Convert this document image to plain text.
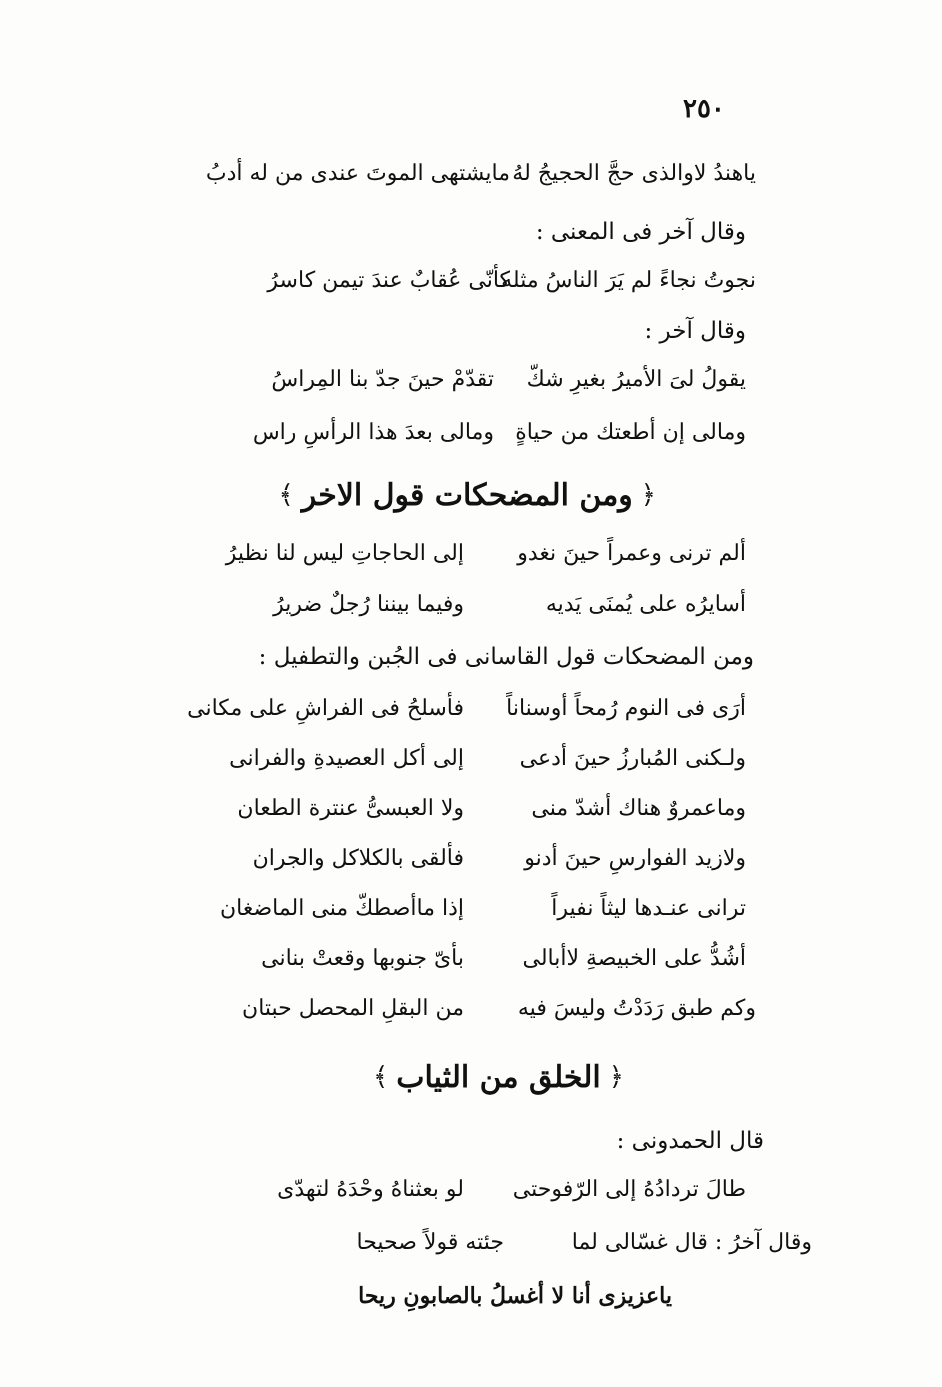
٢٥٠
ياهندُ لاوالذى حجَّ الحجيجُ لهُ
مايشتهى الموتَ عندى من له أدبُ
وقال آخر فى المعنى :
نجوتُ نجاءً لم يَرَ الناسُ مثله
كأنّى عُقابٌ عندَ تيمن كاسرُ
وقال آخر :
يقولُ لىَ الأميرُ بغيرِ شكّ
تقدّمْ حينَ جدّ بنا المِراسُ
ومالى إن أطعتك من حياةٍ
ومالى بعدَ هذا الرأسِ راس
﴿
ومن المضحكات قول الاخر
﴾
ألم ترنى وعمراً حينَ نغدو
إلى الحاجاتِ ليس لنا نظيرُ
أسايرُه على يُمنَى يَديه
وفيما بيننا رُجلٌ ضريرُ
ومن المضحكات قول القاسانى فى الجُبن والتطفيل :
أرَى فى النوم رُمحاً أوسناناً
فأسلحُ فى الفراشِ على مكانى
ولـكنى المُبارزُ حينَ أدعى
إلى أكل العصيدةِ والفرانى
وماعمروٌ هناك أشدّ منى
ولا العبسىُّ عنترة الطعان
ولازيد الفوارسِ حينَ أدنو
فألقى بالكلاكل والجران
ترانى عنـدها ليثاً نفيراً
إذا ماأصطكّ منى الماضغان
أشُدُّ على الخبيصةِ لاأبالى
بأىّ جنوبها وقعتْ بنانى
وكم طبق رَدَدْتُ وليسَ فيه
من البقلِ المحصل حبتان
﴿
الخلق من الثياب
﴾
قال الحمدونى :
طالَ تردادُهُ إلى الرّفوحتى
لو بعثناهُ وحْدَهُ لتهدّى
وقال آخرُ : قال غسّالى لما
جئته قولاً صحيحا
ياعزيزى أنا لا أغسلُ بالصابونِ ريحا
